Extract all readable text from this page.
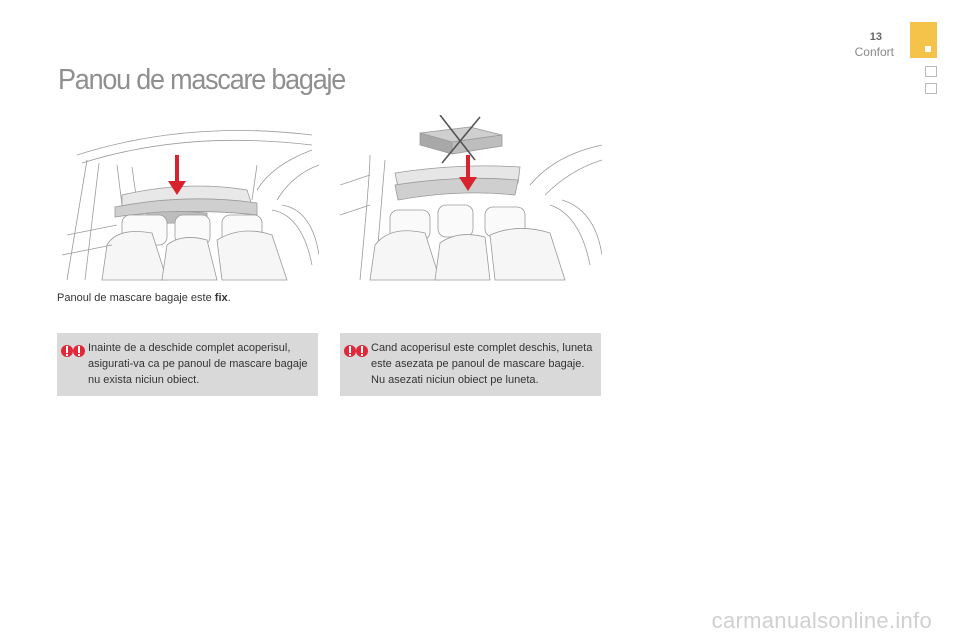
13
Confort
Panou de mascare bagaje
Panoul de mascare bagaje este fix.

Inainte de a deschide complet acoperisul, asigurati-va ca pe panoul de mascare bagaje nu exista niciun obiect.

Cand acoperisul este complet deschis, luneta este asezata pe panoul de mascare bagaje. Nu asezati niciun obiect pe luneta.

carmanualsonline.info
